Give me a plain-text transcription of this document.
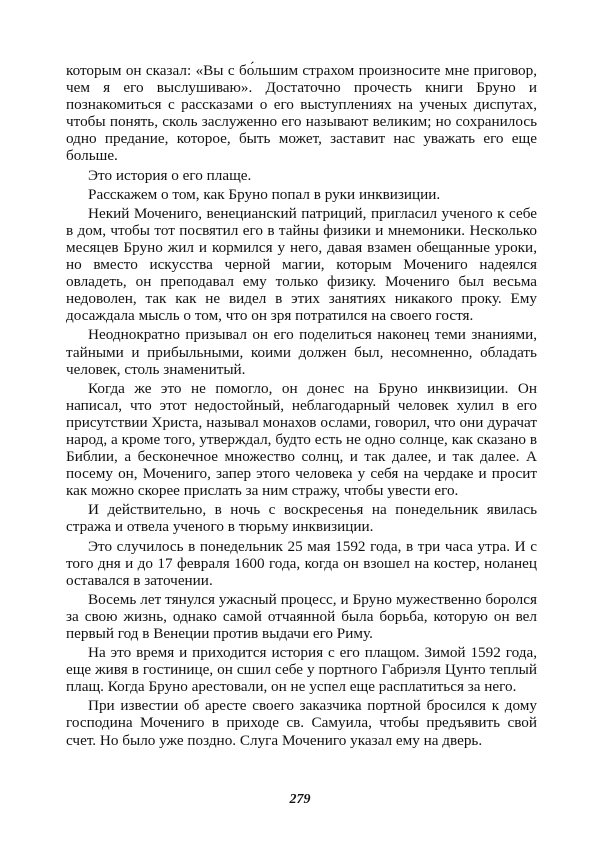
которым он сказал: «Вы с бо́льшим страхом произносите мне приговор, чем я его выслушиваю». Достаточно прочесть книги Бруно и познакомиться с рассказами о его выступлениях на ученых диспутах, чтобы понять, сколь заслуженно его называют великим; но сохранилось одно предание, которое, быть может, заставит нас уважать его еще больше.

Это история о его плаще.

Расскажем о том, как Бруно попал в руки инквизиции.

Некий Мочениго, венецианский патриций, пригласил ученого к себе в дом, чтобы тот посвятил его в тайны физики и мнемоники. Несколько месяцев Бруно жил и кормился у него, давая взамен обещанные уроки, но вместо искусства черной магии, которым Мочениго надеялся овладеть, он преподавал ему только физику. Мочениго был весьма недоволен, так как не видел в этих занятиях никакого проку. Ему досаждала мысль о том, что он зря потратился на своего гостя.

Неоднократно призывал он его поделиться наконец теми знаниями, тайными и прибыльными, коими должен был, несомненно, обладать человек, столь знаменитый.

Когда же это не помогло, он донес на Бруно инквизиции. Он написал, что этот недостойный, неблагодарный человек хулил в его присутствии Христа, называл монахов ослами, говорил, что они дурачат народ, а кроме того, утверждал, будто есть не одно солнце, как сказано в Библии, а бесконечное множество солнц, и так далее, и так далее. А посему он, Мочениго, запер этого человека у себя на чердаке и просит как можно скорее прислать за ним стражу, чтобы увести его.

И действительно, в ночь с воскресенья на понедельник явилась стража и отвела ученого в тюрьму инквизиции.

Это случилось в понедельник 25 мая 1592 года, в три часа утра. И с того дня и до 17 февраля 1600 года, когда он взошел на костер, ноланец оставался в заточении.

Восемь лет тянулся ужасный процесс, и Бруно мужественно боролся за свою жизнь, однако самой отчаянной была борьба, которую он вел первый год в Венеции против выдачи его Риму.

На это время и приходится история с его плащом. Зимой 1592 года, еще живя в гостинице, он сшил себе у портного Габриэля Цунто теплый плащ. Когда Бруно арестовали, он не успел еще расплатиться за него.

При известии об аресте своего заказчика портной бросился к дому господина Мочениго в приходе св. Самуила, чтобы предъявить свой счет. Но было уже поздно. Слуга Мочениго указал ему на дверь.

279
